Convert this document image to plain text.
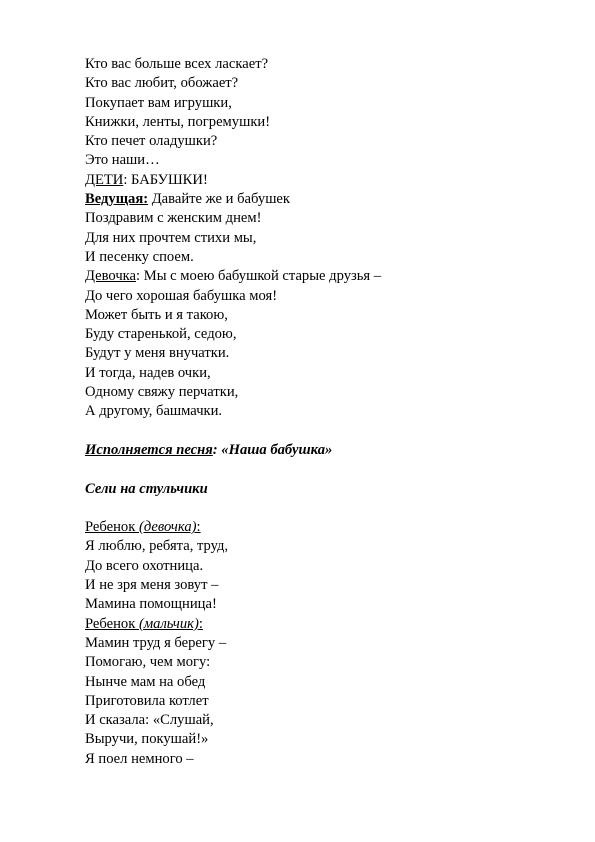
Кто вас больше всех ласкает?
Кто вас любит, обожает?
Покупает вам игрушки,
Книжки, ленты, погремушки!
Кто печет оладушки?
Это наши…
ДЕТИ: БАБУШКИ!
Ведущая: Давайте же и бабушек
Поздравим с женским днем!
Для них прочтем стихи мы,
И песенку споем.
Девочка: Мы с моею бабушкой старые друзья –
До чего хорошая бабушка моя!
Может быть и я такою,
Буду старенькой, седою,
Будут у меня внучатки.
И тогда, надев очки,
Одному свяжу перчатки,
А другому, башмачки.
Исполняется песня: «Наша бабушка»
Сели на стульчики
Ребенок (девочка):
Я люблю, ребята, труд,
До всего охотница.
И не зря меня зовут –
Мамина помощница!
Ребенок (мальчик):
Мамин труд я берегу –
Помогаю, чем могу:
Нынче мам на обед
Приготовила котлет
И сказала: «Слушай,
Выручи, покушай!»
Я поел немного –
